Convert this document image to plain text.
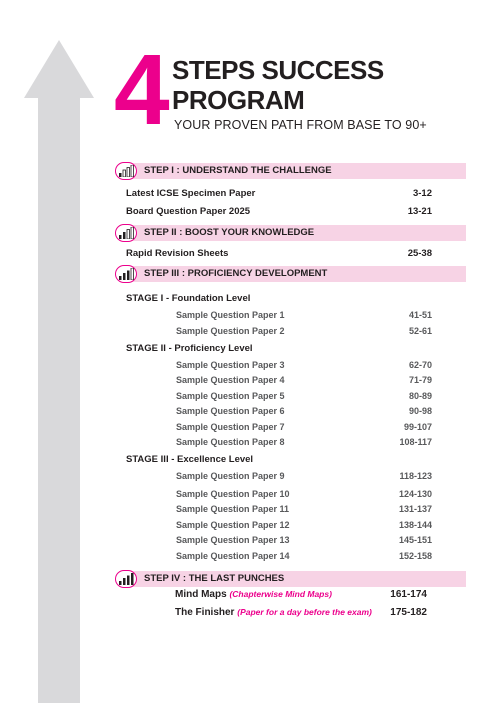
4 STEPS SUCCESS
PROGRAM
YOUR PROVEN PATH FROM BASE TO 90+
STEP I : UNDERSTAND THE CHALLENGE
Latest ICSE Specimen Paper	3-12
Board Question Paper 2025	13-21
STEP II : BOOST YOUR KNOWLEDGE
Rapid Revision Sheets	25-38
STEP III : PROFICIENCY DEVELOPMENT
STAGE I - Foundation Level
Sample Question Paper 1	41-51
Sample Question Paper 2	52-61
STAGE II - Proficiency Level
Sample Question Paper 3	62-70
Sample Question Paper 4	71-79
Sample Question Paper 5	80-89
Sample Question Paper 6	90-98
Sample Question Paper 7	99-107
Sample Question Paper 8	108-117
STAGE III - Excellence Level
Sample Question Paper 9	118-123
Sample Question Paper 10	124-130
Sample Question Paper 11	131-137
Sample Question Paper 12	138-144
Sample Question Paper 13	145-151
Sample Question Paper 14	152-158
STEP IV : THE LAST PUNCHES
Mind Maps (Chapterwise Mind Maps)	161-174
The Finisher (Paper for a day before the exam) 175-182
